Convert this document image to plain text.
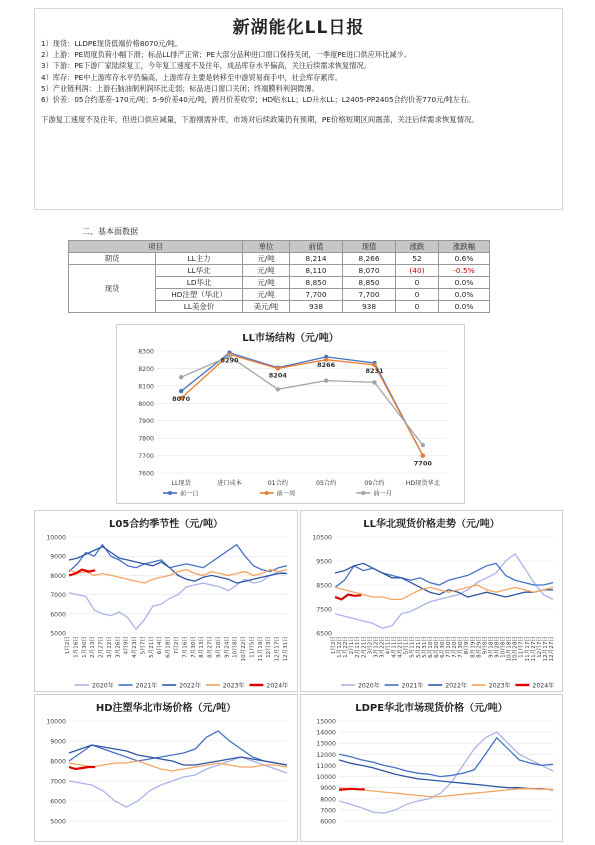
新湖能化LL日报
1）现货：LLDPE现货低端价格8070元/吨。
2）上游：PE周度负荷小幅下滑；标品LL排产正常；PE大部分品种进口窗口保持关闭，一季度PE进口供应环比减少。
3）下游：PE下游厂家陆续复工，今年复工速度不及往年，成品库存水平偏高，关注后续需求恢复情况。
4）库存：PE中上游库存水平仍偏高，上游库存主要是转移至中游贸易商手中，社会库存累库。
5）产业链利润：上游石脑油制利润环比走弱；标品进口窗口关闭；终端膜料利润微薄。
6）价差：05合约基差-170元/吨；5-9价差40元/吨，跨月价差收窄；HD贴水LL；LD升水LL；L2405-PP2405合约价差770元/吨左右。
下游复工速度不及往年，但进口供应减量，下游刚需补库，市场对后续政策仍有预期，PE价格短期区间震荡，关注后续需求恢复情况。
二、基本面数据
项目		单位	前值	现值	涨跌	涨跌幅
期货	LL主力	元/吨	8,214	8,266	52	0.6%
现货	LL华北	元/吨	8,110	8,070	(40)	-0.5%
	LD华北	元/吨	8,850	8,850	0	0.0%
	HD注塑（华北）	元/吨	7,700	7,700	0	0.0%
	LL美金价	美元/吨	938	938	0	0.0%
LL市场结构（元/吨）
7600
7700
7800
7900
8000
8100
8200
8300
LL现货	进口成本	01合约	05合约	09合约	HD现货华北
8070
8290
8204
8266
8231
7700
前一日	前一周	前一月
L05合约季节性（元/吨）
5000
6000
7000
8000
9000
10000
1月2日 1月16日 1月30日 2月13日 2月27日 3月12日 3月26日 4月9日 4月23日 5月7日 5月21日 6月4日 6月18日 7月2日 7月16日 7月30日 8月13日 8月27日 9月10日 9月24日 10月8日 10月22日 11月5日 11月19日 12月3日 12月17日 12月31日
2020年	2021年	2022年	2023年	2024年
LL华北现货价格走势（元/吨）
6500
7500
8500
9500
10500
1月2日 1月12日 1月22日 2月1日 2月11日 2月21日 3月2日 3月12日 3月22日 4月1日 4月11日 4月21日 5月1日 5月11日 5月21日 5月31日 6月10日 6月20日 6月30日 7月10日 7月20日 7月30日 8月9日 8月19日 8月29日 9月8日 9月18日 9月28日 10月8日 10月18日 10月28日 11月7日 11月17日 11月27日 12月7日 12月17日 12月27日
2020年	2021年	2022年	2023年	2024年
HD注塑华北市场价格（元/吨）
5000
6000
7000
8000
9000
10000
LDPE华北市场现货价格（元/吨）
6000
7000
8000
9000
10000
11000
12000
13000
14000
15000
